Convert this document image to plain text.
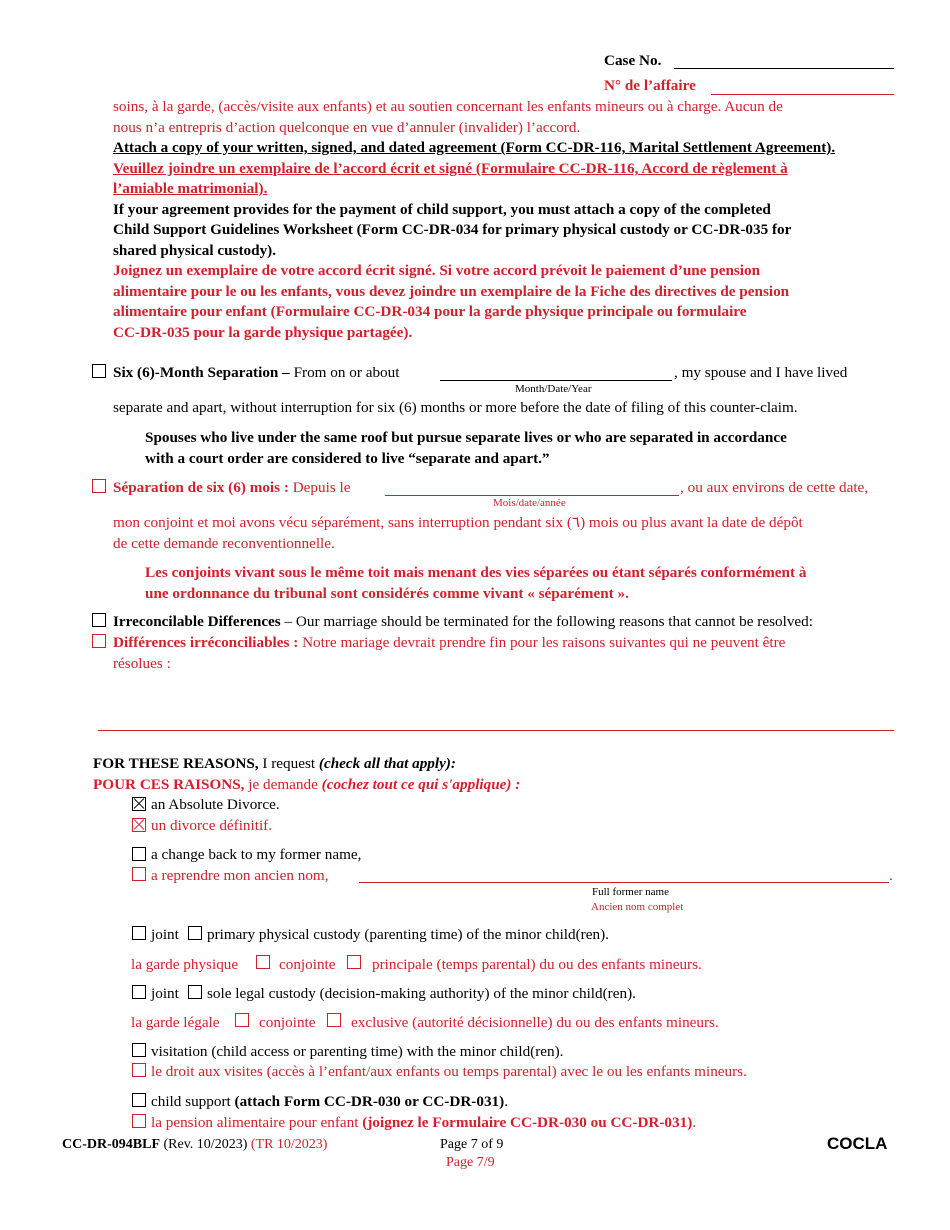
Case No.
N° de l’affaire
soins, à la garde, (accès/visite aux enfants) et au soutien concernant les enfants mineurs ou à charge. Aucun de
nous n’a entrepris d’action quelconque en vue d’annuler (invalider) l’accord.
Attach a copy of your written, signed, and dated agreement (Form CC-DR-116, Marital Settlement Agreement).
Veuillez joindre un exemplaire de l’accord écrit et signé (Formulaire CC-DR-116, Accord de règlement à
l’amiable matrimonial).
If your agreement provides for the payment of child support, you must attach a copy of the completed
Child Support Guidelines Worksheet (Form CC-DR-034 for primary physical custody or CC-DR-035 for
shared physical custody).
Joignez un exemplaire de votre accord écrit signé. Si votre accord prévoit le paiement d’une pension
alimentaire pour le ou les enfants, vous devez joindre un exemplaire de la Fiche des directives de pension
alimentaire pour enfant (Formulaire CC-DR-034 pour la garde physique principale ou formulaire
CC-DR-035 pour la garde physique partagée).
Six (6)-Month Separation – From on or about	, my spouse and I have lived
Month/Date/Year
separate and apart, without interruption for six (6) months or more before the date of filing of this counter-claim.
Spouses who live under the same roof but pursue separate lives or who are separated in accordance
with a court order are considered to live “separate and apart.”
Séparation de six (6) mois : Depuis le	, ou aux environs de cette date,
Mois/date/année
mon conjoint et moi avons vécu séparément, sans interruption pendant six (٦) mois ou plus avant la date de dépôt
de cette demande reconventionnelle.
Les conjoints vivant sous le même toit mais menant des vies séparées ou étant séparés conformément à
une ordonnance du tribunal sont considérés comme vivant « séparément ».
Irreconcilable Differences – Our marriage should be terminated for the following reasons that cannot be resolved:
Différences irréconciliables : Notre mariage devrait prendre fin pour les raisons suivantes qui ne peuvent être
résolues :
FOR THESE REASONS, I request (check all that apply):
POUR CES RAISONS, je demande (cochez tout ce qui s'applique) :
an Absolute Divorce.
un divorce définitif.
a change back to my former name,
a reprendre mon ancien nom,	.
Full former name
Ancien nom complet
joint primary physical custody (parenting time) of the minor child(ren).
la garde physique	conjointe principale (temps parental) du ou des enfants mineurs.
joint sole legal custody (decision-making authority) of the minor child(ren).
la garde légale	conjointe exclusive (autorité décisionnelle) du ou des enfants mineurs.
visitation (child access or parenting time) with the minor child(ren).
le droit aux visites (accès à l’enfant/aux enfants ou temps parental) avec le ou les enfants mineurs.
child support (attach Form CC-DR-030 or CC-DR-031).
la pension alimentaire pour enfant (joignez le Formulaire CC-DR-030 ou CC-DR-031).
CC-DR-094BLF (Rev. 10/2023) (TR 10/2023)	Page 7 of 9
Page 7/9
COCLA
